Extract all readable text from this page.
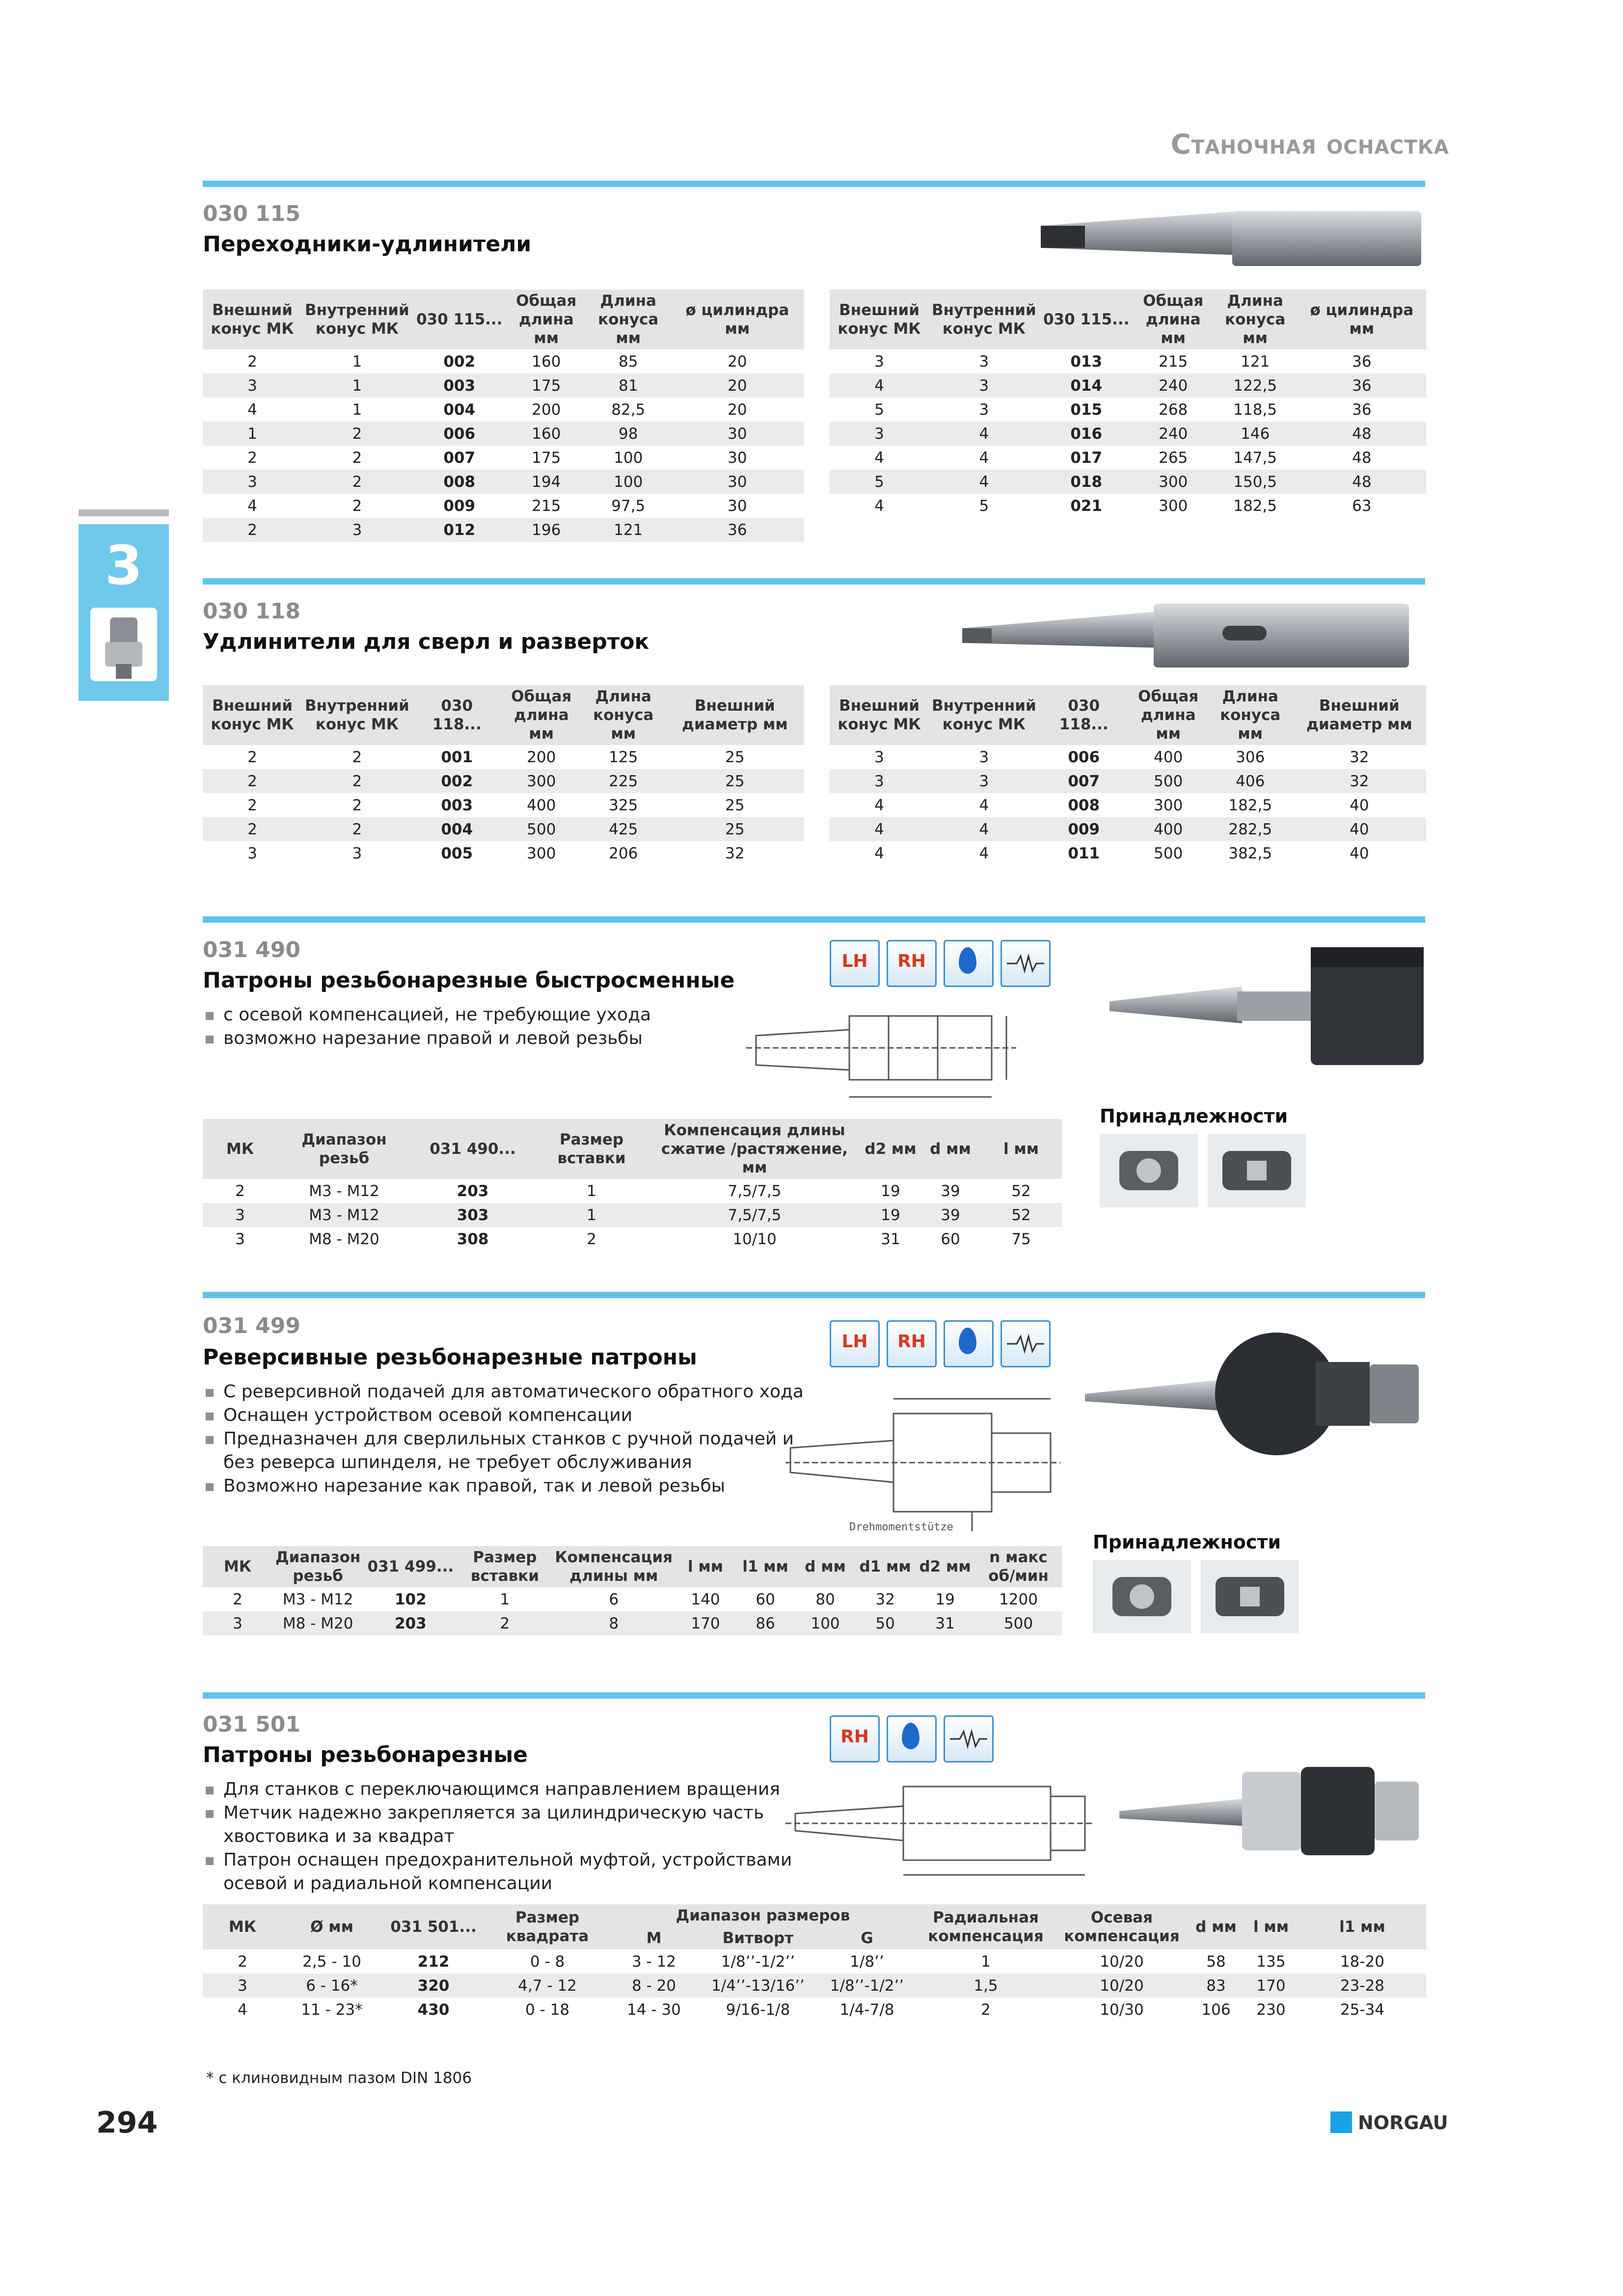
Станочная оснастка
3
030 115
Переходники-удлинители
Внешний конус МК	Внутренний конус МК	030 115...	Общая длина мм	Длина конуса мм	ø цилиндра мм
2	1	002	160	85	20
3	1	003	175	81	20
4	1	004	200	82,5	20
1	2	006	160	98	30
2	2	007	175	100	30
3	2	008	194	100	30
4	2	009	215	97,5	30
2	3	012	196	121	36
Внешний конус МК	Внутренний конус МК	030 115...	Общая длина мм	Длина конуса мм	ø цилиндра мм
3	3	013	215	121	36
4	3	014	240	122,5	36
5	3	015	268	118,5	36
3	4	016	240	146	48
4	4	017	265	147,5	48
5	4	018	300	150,5	48
4	5	021	300	182,5	63
030 118
Удлинители для сверл и разверток
Внешний конус МК	Внутренний конус МК	030 118...	Общая длина мм	Длина конуса мм	Внешний диаметр мм
2	2	001	200	125	25
2	2	002	300	225	25
2	2	003	400	325	25
2	2	004	500	425	25
3	3	005	300	206	32
Внешний конус МК	Внутренний конус МК	030 118...	Общая длина мм	Длина конуса мм	Внешний диаметр мм
3	3	006	400	306	32
3	3	007	500	406	32
4	4	008	300	182,5	40
4	4	009	400	282,5	40
4	4	011	500	382,5	40
031 490
Патроны резьбонарезные быстросменные
с осевой компенсацией, не требующие ухода
возможно нарезание правой и левой резьбы
LH	RH
Принадлежности
МК	Диапазон резьб	031 490...	Размер вставки	Компенсация длины сжатие /растяжение, мм	d2 мм	d мм	l мм
2	M3 - M12	203	1	7,5/7,5	19	39	52
3	M3 - M12	303	1	7,5/7,5	19	39	52
3	M8 - M20	308	2	10/10	31	60	75
031 499
Реверсивные резьбонарезные патроны
С реверсивной подачей для автоматического обратного хода
Оснащен устройством осевой компенсации
Предназначен для сверлильных станков с ручной подачей и
без реверса шпинделя, не требует обслуживания
Возможно нарезание как правой, так и левой резьбы
LH	RH
Drehmomentstütze
Принадлежности
МК	Диапазон резьб	031 499...	Размер вставки	Компенсация длины мм	l мм	l1 мм	d мм	d1 мм	d2 мм	n макс об/мин
2	M3 - M12	102	1	6	140	60	80	32	19	1200
3	M8 - M20	203	2	8	170	86	100	50	31	500
031 501
Патроны резьбонарезные
Для станков с переключающимся направлением вращения
Метчик надежно закрепляется за цилиндрическую часть
хвостовика и за квадрат
Патрон оснащен предохранительной муфтой, устройствами
осевой и радиальной компенсации
RH
МК	Ø мм	031 501...	Размер квадрата	Диапазон размеров			Радиальная компенсация	Осевая компенсация	d мм	l мм	l1 мм
				M	Витворт	G					
2	2,5 - 10	212	0 - 8	3 - 12	1/8’’-1/2’’	1/8’’	1	10/20	58	135	18-20
3	6 - 16*	320	4,7 - 12	8 - 20	1/4’’-13/16’’	1/8’’-1/2’’	1,5	10/20	83	170	23-28
4	11 - 23*	430	0 - 18	14 - 30	9/16-1/8	1/4-7/8	2	10/30	106	230	25-34
* с клиновидным пазом DIN 1806
294	NORGAU
